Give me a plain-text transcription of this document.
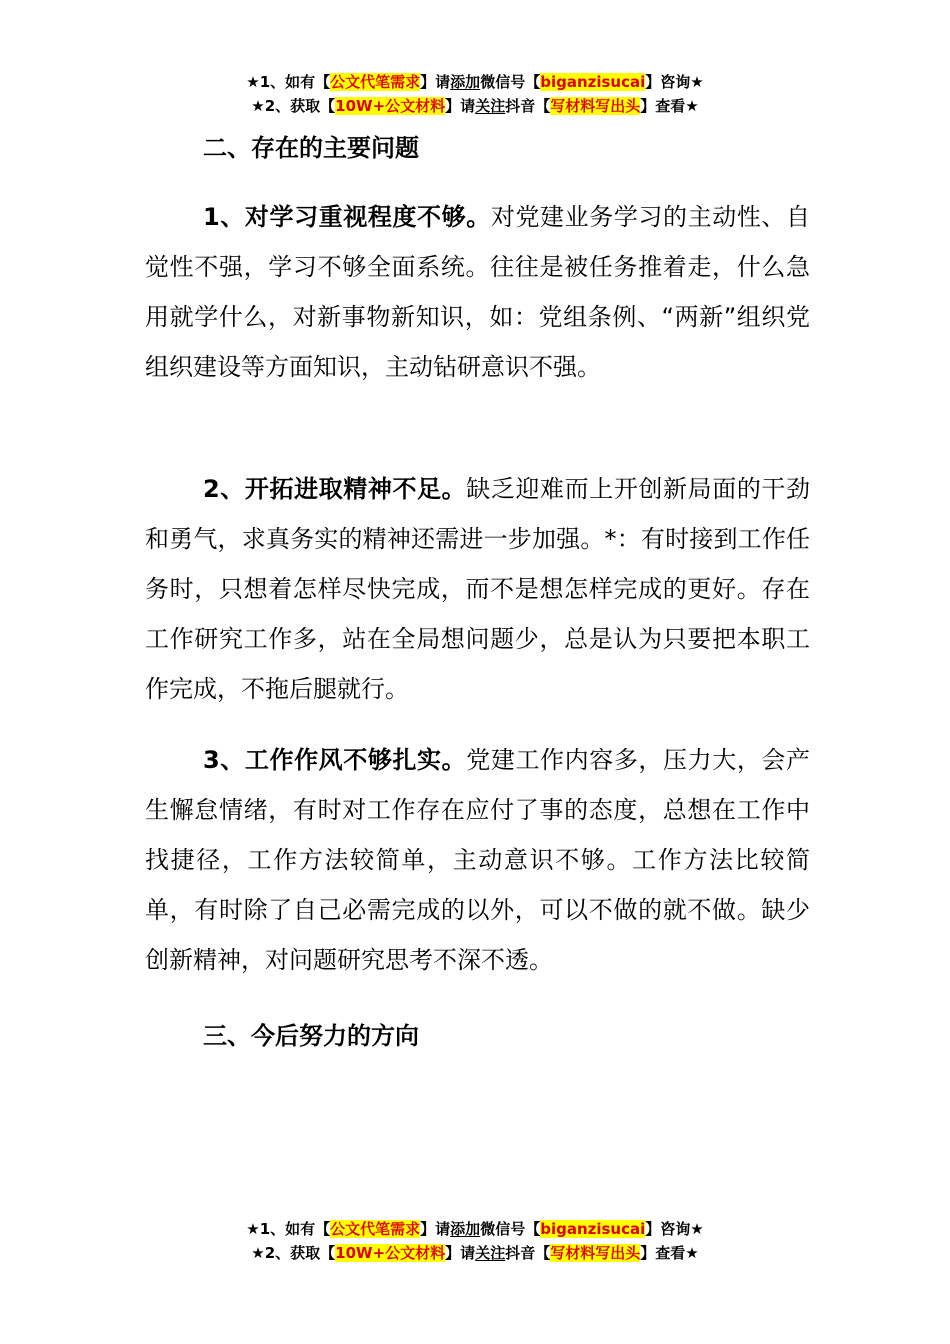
★1、如有【公文代笔需求】请添加微信号【biganzisucai】咨询★
★2、获取【10W+公文材料】请关注抖音【写材料写出头】查看★
二、存在的主要问题

1、对学习重视程度不够。对党建业务学习的主动性、自觉性不强，学习不够全面系统。往往是被任务推着走，什么急用就学什么，对新事物新知识，如：党组条例、“两新”组织党组织建设等方面知识，主动钻研意识不强。

2、开拓进取精神不足。缺乏迎难而上开创新局面的干劲和勇气，求真务实的精神还需进一步加强。*：有时接到工作任务时，只想着怎样尽快完成，而不是想怎样完成的更好。存在工作研究工作多，站在全局想问题少，总是认为只要把本职工作完成，不拖后腿就行。

3、工作作风不够扎实。党建工作内容多，压力大，会产生懈怠情绪，有时对工作存在应付了事的态度，总想在工作中找捷径，工作方法较简单，主动意识不够。工作方法比较简单，有时除了自己必需完成的以外，可以不做的就不做。缺少创新精神，对问题研究思考不深不透。

三、今后努力的方向
★1、如有【公文代笔需求】请添加微信号【biganzisucai】咨询★
★2、获取【10W+公文材料】请关注抖音【写材料写出头】查看★
